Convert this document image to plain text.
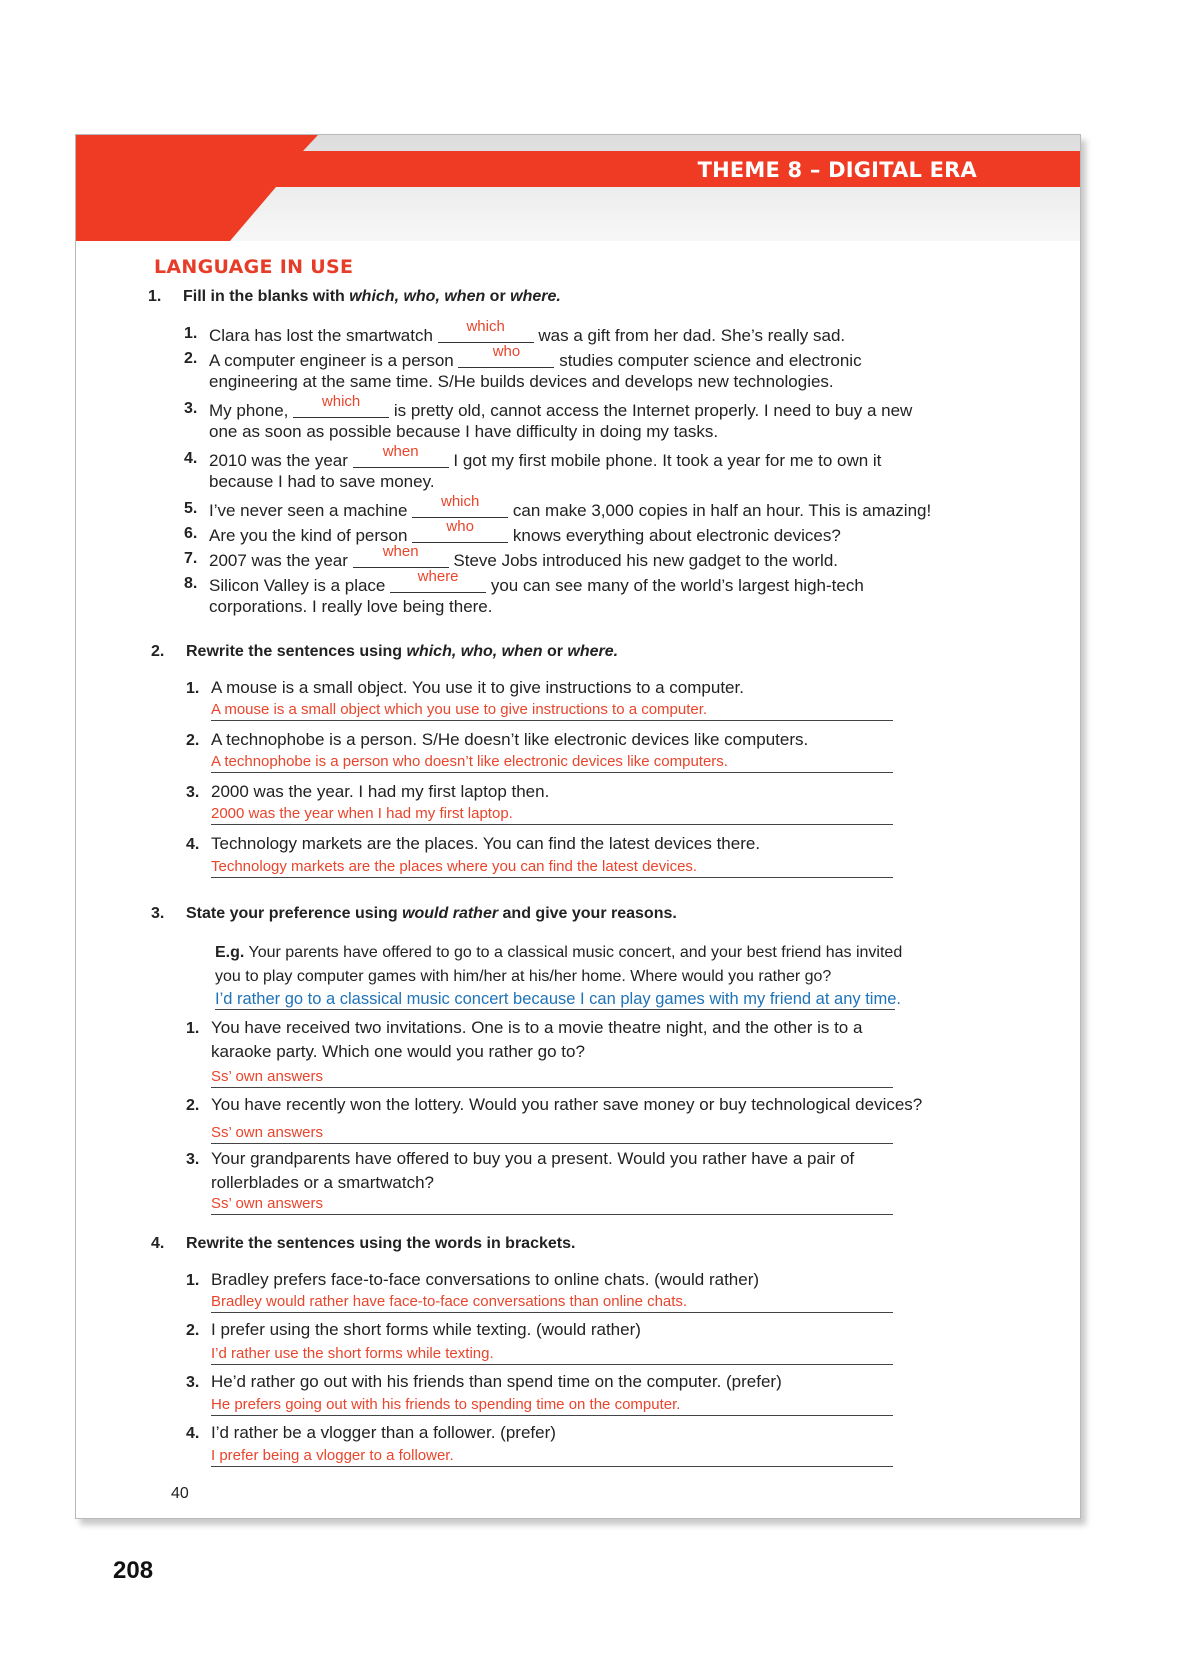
THEME 8 – DIGITAL ERA
LANGUAGE IN USE
1. Fill in the blanks with which, who, when or where.
1. Clara has lost the smartwatch	which	was a gift from her dad. She’s really sad.
2. A computer engineer is a person	who	studies computer science and electronic
engineering at the same time. S/He builds devices and develops new technologies.
3. My phone,	which	is pretty old, cannot access the Internet properly. I need to buy a new
one as soon as possible because I have difficulty in doing my tasks.
4. 2010 was the year	when	I got my first mobile phone. It took a year for me to own it
because I had to save money.
5. I’ve never seen a machine	which	can make 3,000 copies in half an hour. This is amazing!
6. Are you the kind of person	who	knows everything about electronic devices?
7. 2007 was the year	when	Steve Jobs introduced his new gadget to the world.
8. Silicon Valley is a place	where	you can see many of the world’s largest high-tech
corporations. I really love being there.
2. Rewrite the sentences using which, who, when or where.
1. A mouse is a small object. You use it to give instructions to a computer.
A mouse is a small object which you use to give instructions to a computer.
2. A technophobe is a person. S/He doesn’t like electronic devices like computers.
A technophobe is a person who doesn’t like electronic devices like computers.
3. 2000 was the year. I had my first laptop then.
2000 was the year when I had my first laptop.
4. Technology markets are the places. You can find the latest devices there.
Technology markets are the places where you can find the latest devices.
3. State your preference using would rather and give your reasons.
E.g. Your parents have offered to go to a classical music concert, and your best friend has invited
you to play computer games with him/her at his/her home. Where would you rather go?
I’d rather go to a classical music concert because I can play games with my friend at any time.
1. You have received two invitations. One is to a movie theatre night, and the other is to a
karaoke party. Which one would you rather go to?
Ss’ own answers
2. You have recently won the lottery. Would you rather save money or buy technological devices?
Ss’ own answers
3. Your grandparents have offered to buy you a present. Would you rather have a pair of
rollerblades or a smartwatch?
Ss’ own answers
4. Rewrite the sentences using the words in brackets.
1. Bradley prefers face-to-face conversations to online chats. (would rather)
Bradley would rather have face-to-face conversations than online chats.
2. I prefer using the short forms while texting. (would rather)
I’d rather use the short forms while texting.
3. He’d rather go out with his friends than spend time on the computer. (prefer)
He prefers going out with his friends to spending time on the computer.
4. I’d rather be a vlogger than a follower. (prefer)
I prefer being a vlogger to a follower.
40
208
